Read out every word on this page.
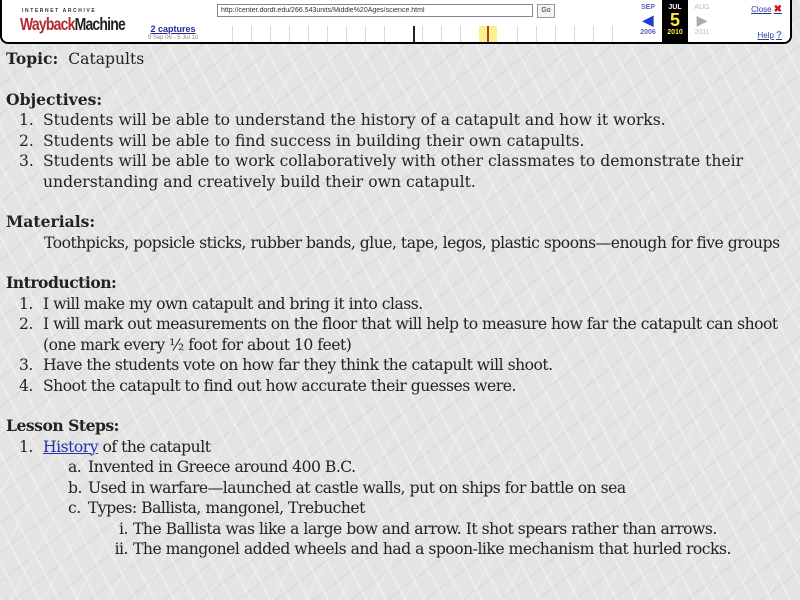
INTERNET ARCHIVE
WaybackMachine
http://center.dordt.edu/266.543units/Middle%20Ages/science.html
Go
2 captures
9 Sep 06 - 5 Jul 10
SEP
◀
2006
JUL
5
2010
AUG
▶
2011
Close ✖
Help ?
Topic: Catapults
Objectives:
1. Students will be able to understand the history of a catapult and how it works.
2. Students will be able to find success in building their own catapults.
3. Students will be able to work collaboratively with other classmates to demonstrate their understanding and creatively build their own catapult.
Materials:

Toothpicks, popsicle sticks, rubber bands, glue, tape, legos, plastic spoons—enough for five groups

Introduction:
1. I will make my own catapult and bring it into class.
2. I will mark out measurements on the floor that will help to measure how far the catapult can shoot (one mark every ½ foot for about 10 feet)
3. Have the students vote on how far they think the catapult will shoot.
4. Shoot the catapult to find out how accurate their guesses were.
Lesson Steps:
1. History of the catapult
a. Invented in Greece around 400 B.C.
b. Used in warfare—launched at castle walls, put on ships for battle on sea
c. Types: Ballista, mangonel, Trebuchet
i. The Ballista was like a large bow and arrow. It shot spears rather than arrows.
ii. The mangonel added wheels and had a spoon-like mechanism that hurled rocks.
